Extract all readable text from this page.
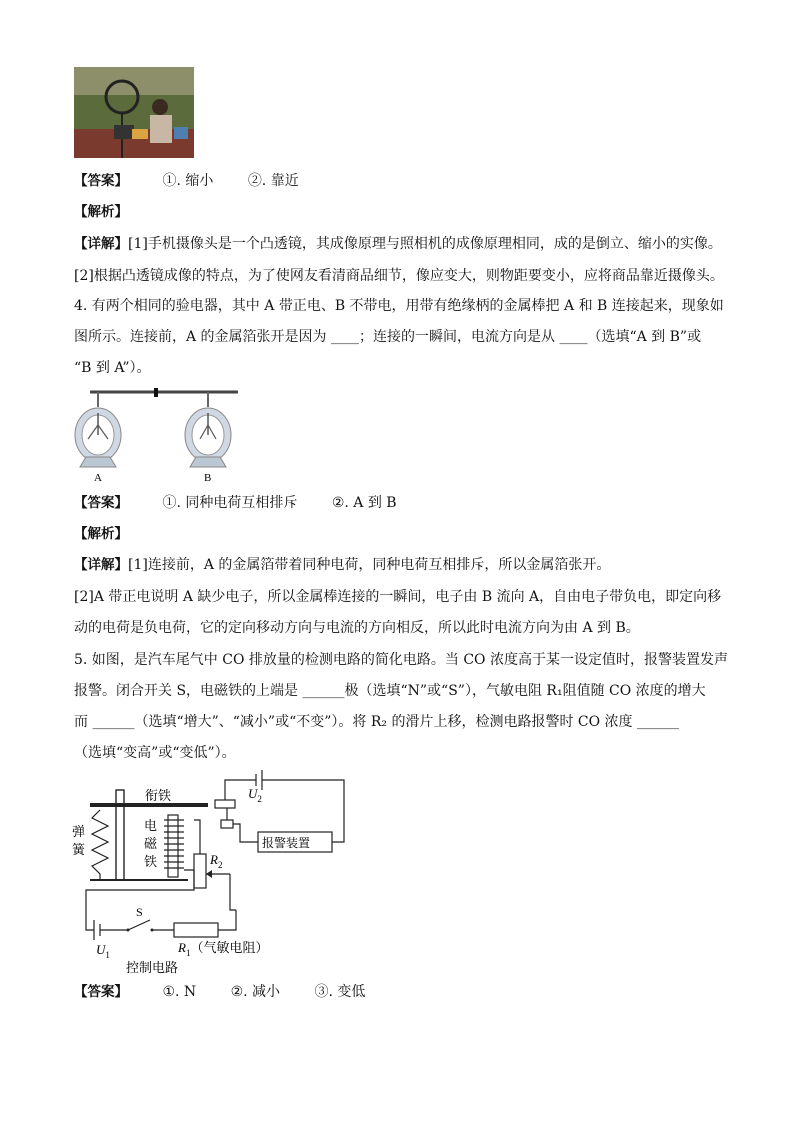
【答案】 ①. 缩小 ②. 靠近
【解析】
【详解】[1]手机摄像头是一个凸透镜，其成像原理与照相机的成像原理相同，成的是倒立、缩小的实像。
[2]根据凸透镜成像的特点，为了使网友看清商品细节，像应变大，则物距要变小，应将商品靠近摄像头。
4. 有两个相同的验电器，其中 A 带正电、B 不带电，用带有绝缘柄的金属棒把 A 和 B 连接起来，现象如
图所示。连接前，A 的金属箔张开是因为 ____；连接的一瞬间，电流方向是从 ____（选填“A 到 B”或
“B 到 A”）。
A	B
【答案】 ①. 同种电荷互相排斥 ②. A 到 B
【解析】
【详解】[1]连接前，A 的金属箔带着同种电荷，同种电荷互相排斥，所以金属箔张开。
[2]A 带正电说明 A 缺少电子，所以金属棒连接的一瞬间，电子由 B 流向 A，自由电子带负电，即定向移
动的电荷是负电荷，它的定向移动方向与电流的方向相反，所以此时电流方向为由 A 到 B。
5. 如图，是汽车尾气中 CO 排放量的检测电路的简化电路。当 CO 浓度高于某一设定值时，报警装置发声
报警。闭合开关 S，电磁铁的上端是 ______极（选填“N”或“S”），气敏电阻 R₁阻值随 CO 浓度的增大
而 ______（选填“增大”、“减小”或“不变”）。将 R₂ 的滑片上移，检测电路报警时 CO 浓度 ______
（选填“变高”或“变低”）。
衔铁
弹
簧
电
磁
铁
$U_2$
报警装置
$R_2$
S
$U_1$	$R_1$（气敏电阻）
控制电路
【答案】 ①. N ②. 减小 ③. 变低
